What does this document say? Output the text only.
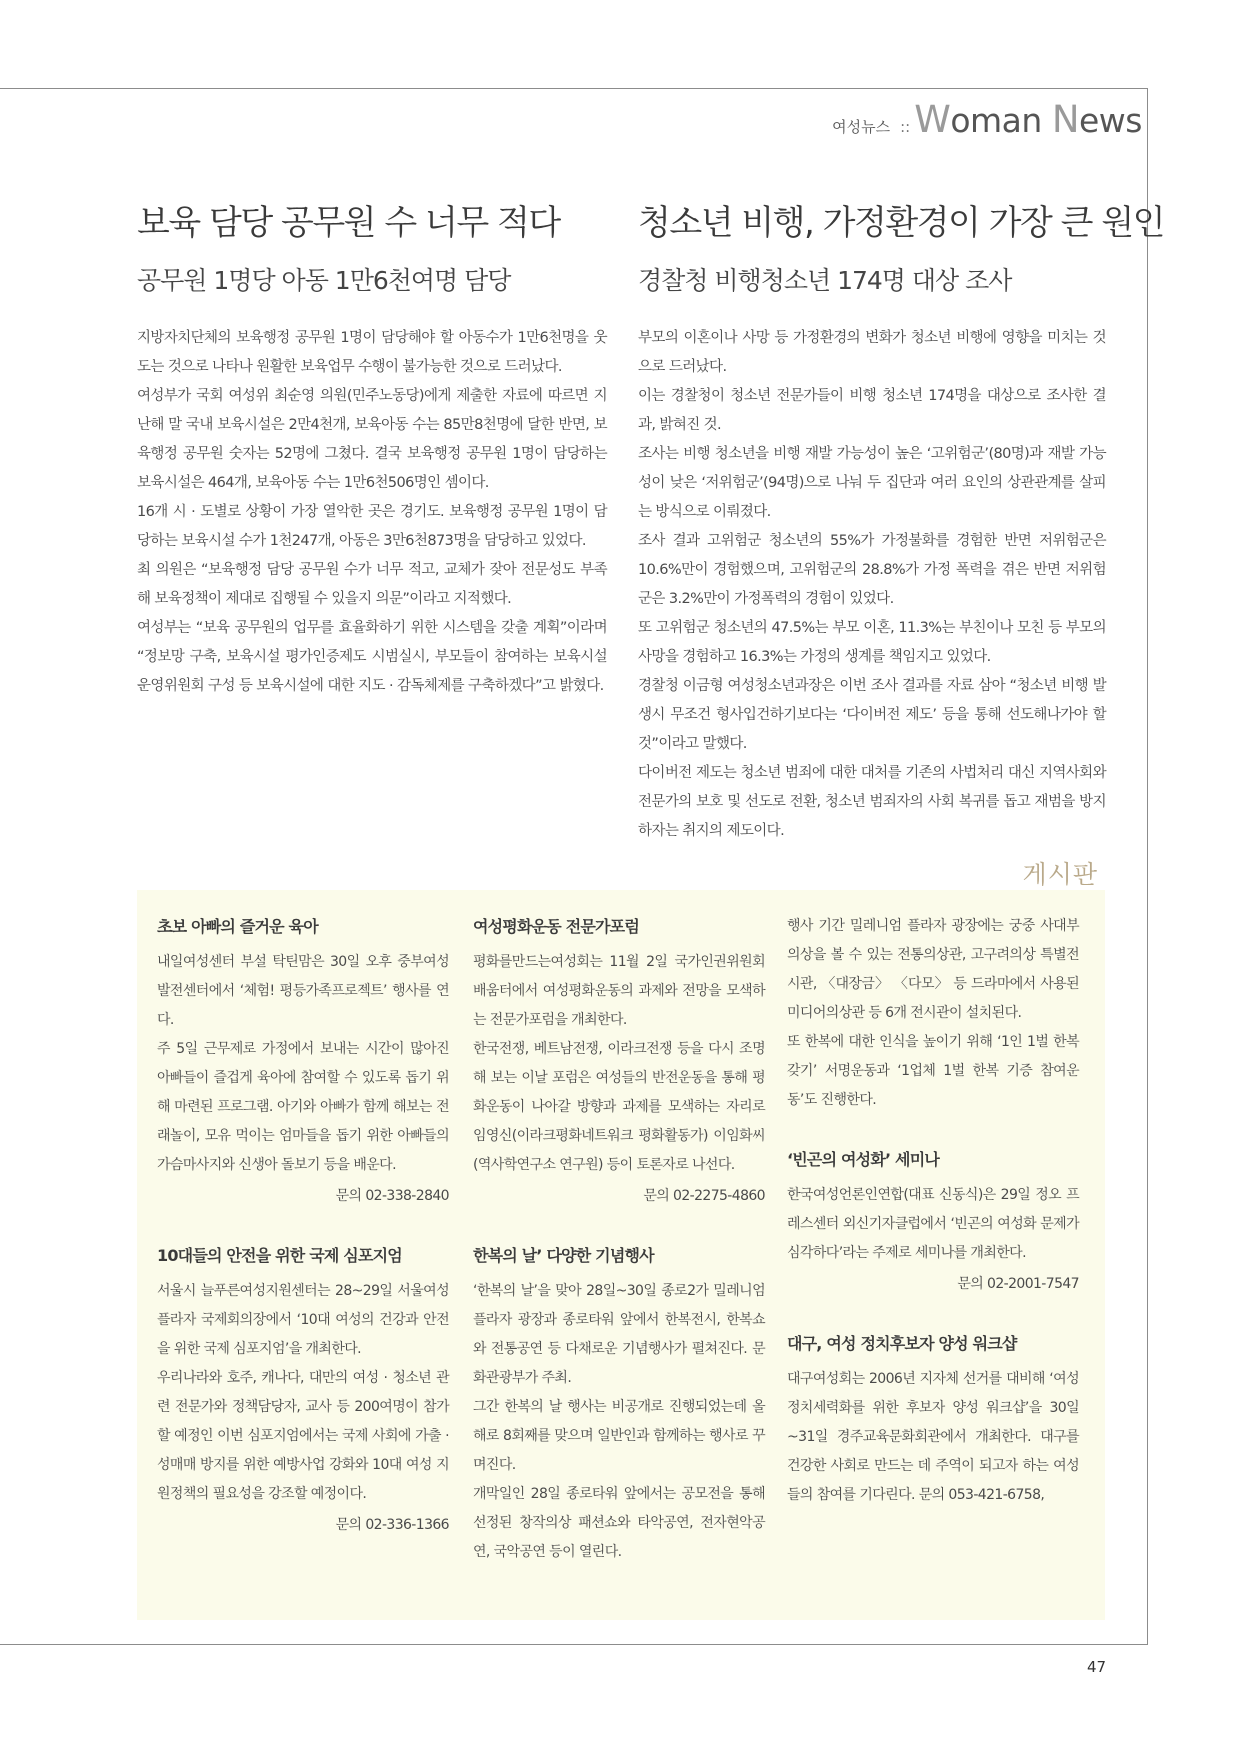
여성뉴스 :: Woman News
보육 담당 공무원 수 너무 적다
공무원 1명당 아동 1만6천여명 담당

지방자치단체의 보육행정 공무원 1명이 담당해야 할 아동수가 1만6천명을 웃도는 것으로 나타나 원활한 보육업무 수행이 불가능한 것으로 드러났다.

여성부가 국회 여성위 최순영 의원(민주노동당)에게 제출한 자료에 따르면 지난해 말 국내 보육시설은 2만4천개, 보육아동 수는 85만8천명에 달한 반면, 보육행정 공무원 숫자는 52명에 그쳤다. 결국 보육행정 공무원 1명이 담당하는 보육시설은 464개, 보육아동 수는 1만6천506명인 셈이다.

16개 시 · 도별로 상황이 가장 열악한 곳은 경기도. 보육행정 공무원 1명이 담당하는 보육시설 수가 1천247개, 아동은 3만6천873명을 담당하고 있었다.

최 의원은 “보육행정 담당 공무원 수가 너무 적고, 교체가 잦아 전문성도 부족해 보육정책이 제대로 집행될 수 있을지 의문”이라고 지적했다.

여성부는 “보육 공무원의 업무를 효율화하기 위한 시스템을 갖출 계획”이라며 “정보망 구축, 보육시설 평가인증제도 시범실시, 부모들이 참여하는 보육시설운영위원회 구성 등 보육시설에 대한 지도 · 감독체제를 구축하겠다”고 밝혔다.

청소년 비행, 가정환경이 가장 큰 원인
경찰청 비행청소년 174명 대상 조사

부모의 이혼이나 사망 등 가정환경의 변화가 청소년 비행에 영향을 미치는 것으로 드러났다.

이는 경찰청이 청소년 전문가들이 비행 청소년 174명을 대상으로 조사한 결과, 밝혀진 것.

조사는 비행 청소년을 비행 재발 가능성이 높은 ‘고위험군’(80명)과 재발 가능성이 낮은 ‘저위험군’(94명)으로 나눠 두 집단과 여러 요인의 상관관계를 살피는 방식으로 이뤄졌다.

조사 결과 고위험군 청소년의 55%가 가정불화를 경험한 반면 저위험군은 10.6%만이 경험했으며, 고위험군의 28.8%가 가정 폭력을 겪은 반면 저위험군은 3.2%만이 가정폭력의 경험이 있었다.

또 고위험군 청소년의 47.5%는 부모 이혼, 11.3%는 부친이나 모친 등 부모의 사망을 경험하고 16.3%는 가정의 생계를 책임지고 있었다.

경찰청 이금형 여성청소년과장은 이번 조사 결과를 자료 삼아 “청소년 비행 발생시 무조건 형사입건하기보다는 ‘다이버전 제도’ 등을 통해 선도해나가야 할 것”이라고 말했다.

다이버전 제도는 청소년 범죄에 대한 대처를 기존의 사법처리 대신 지역사회와 전문가의 보호 및 선도로 전환, 청소년 범죄자의 사회 복귀를 돕고 재범을 방지하자는 취지의 제도이다.

게시판
초보 아빠의 즐거운 육아

내일여성센터 부설 탁틴맘은 30일 오후 중부여성발전센터에서 ‘체험! 평등가족프로젝트’ 행사를 연다.

주 5일 근무제로 가정에서 보내는 시간이 많아진 아빠들이 즐겁게 육아에 참여할 수 있도록 돕기 위해 마련된 프로그램. 아기와 아빠가 함께 해보는 전래놀이, 모유 먹이는 엄마들을 돕기 위한 아빠들의 가슴마사지와 신생아 돌보기 등을 배운다.

문의 02-338-2840
10대들의 안전을 위한 국제 심포지엄

서울시 늘푸른여성지원센터는 28~29일 서울여성플라자 국제회의장에서 ‘10대 여성의 건강과 안전을 위한 국제 심포지엄’을 개최한다.

우리나라와 호주, 캐나다, 대만의 여성 · 청소년 관련 전문가와 정책담당자, 교사 등 200여명이 참가할 예정인 이번 심포지엄에서는 국제 사회에 가출 · 성매매 방지를 위한 예방사업 강화와 10대 여성 지원정책의 필요성을 강조할 예정이다.

문의 02-336-1366
여성평화운동 전문가포럼

평화를만드는여성회는 11월 2일 국가인권위원회 배움터에서 여성평화운동의 과제와 전망을 모색하는 전문가포럼을 개최한다.

한국전쟁, 베트남전쟁, 이라크전쟁 등을 다시 조명해 보는 이날 포럼은 여성들의 반전운동을 통해 평화운동이 나아갈 방향과 과제를 모색하는 자리로 임영신(이라크평화네트워크 평화활동가) 이임화씨(역사학연구소 연구원) 등이 토론자로 나선다.

문의 02-2275-4860
한복의 날’ 다양한 기념행사

‘한복의 날’을 맞아 28일~30일 종로2가 밀레니엄 플라자 광장과 종로타워 앞에서 한복전시, 한복쇼와 전통공연 등 다채로운 기념행사가 펼쳐진다. 문화관광부가 주최.

그간 한복의 날 행사는 비공개로 진행되었는데 올해로 8회째를 맞으며 일반인과 함께하는 행사로 꾸며진다.

개막일인 28일 종로타워 앞에서는 공모전을 통해 선정된 창작의상 패션쇼와 타악공연, 전자현악공연, 국악공연 등이 열린다.

행사 기간 밀레니엄 플라자 광장에는 궁중 사대부 의상을 볼 수 있는 전통의상관, 고구려의상 특별전시관, 〈대장금〉 〈다모〉 등 드라마에서 사용된 미디어의상관 등 6개 전시관이 설치된다.

또 한복에 대한 인식을 높이기 위해 ‘1인 1벌 한복 갖기’ 서명운동과 ‘1업체 1벌 한복 기증 참여운동’도 진행한다.

‘빈곤의 여성화’ 세미나

한국여성언론인연합(대표 신동식)은 29일 정오 프레스센터 외신기자클럽에서 ‘빈곤의 여성화 문제가 심각하다’라는 주제로 세미나를 개최한다.

문의 02-2001-7547
대구, 여성 정치후보자 양성 워크샵

대구여성회는 2006년 지자체 선거를 대비해 ‘여성정치세력화를 위한 후보자 양성 워크샵’을 30일~31일 경주교육문화회관에서 개최한다. 대구를 건강한 사회로 만드는 데 주역이 되고자 하는 여성들의 참여를 기다린다. 문의 053-421-6758,

47
